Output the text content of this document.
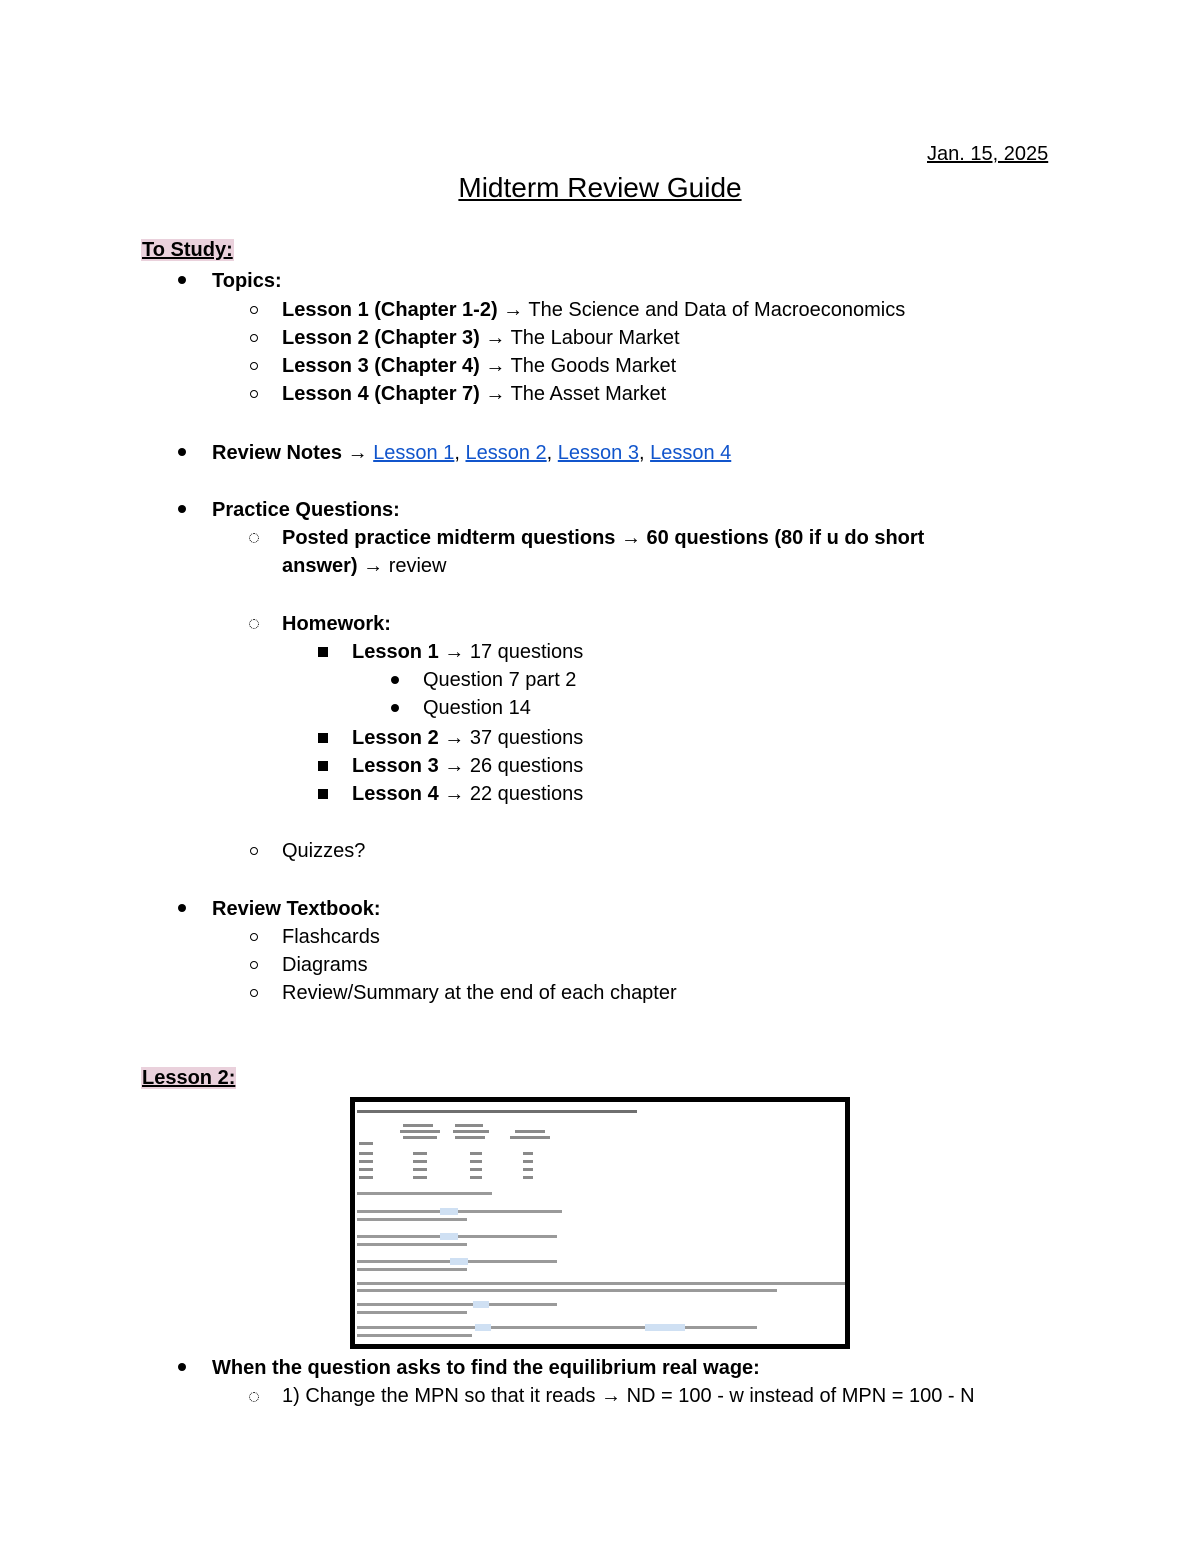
Jan. 15, 2025
Midterm Review Guide
To Study:
Topics:
Lesson 1 (Chapter 1-2) → The Science and Data of Macroeconomics
Lesson 2 (Chapter 3) → The Labour Market
Lesson 3 (Chapter 4) → The Goods Market
Lesson 4 (Chapter 7) → The Asset Market
Review Notes → Lesson 1, Lesson 2, Lesson 3, Lesson 4
Practice Questions:
Posted practice midterm questions → 60 questions (80 if u do short
answer) → review
Homework:
Lesson 1 → 17 questions
Question 7 part 2
Question 14
Lesson 2 → 37 questions
Lesson 3 → 26 questions
Lesson 4 → 22 questions
Quizzes?
Review Textbook:
Flashcards
Diagrams
Review/Summary at the end of each chapter
Lesson 2:
When the question asks to find the equilibrium real wage:
1) Change the MPN so that it reads → ND = 100 - w instead of MPN = 100 - N
